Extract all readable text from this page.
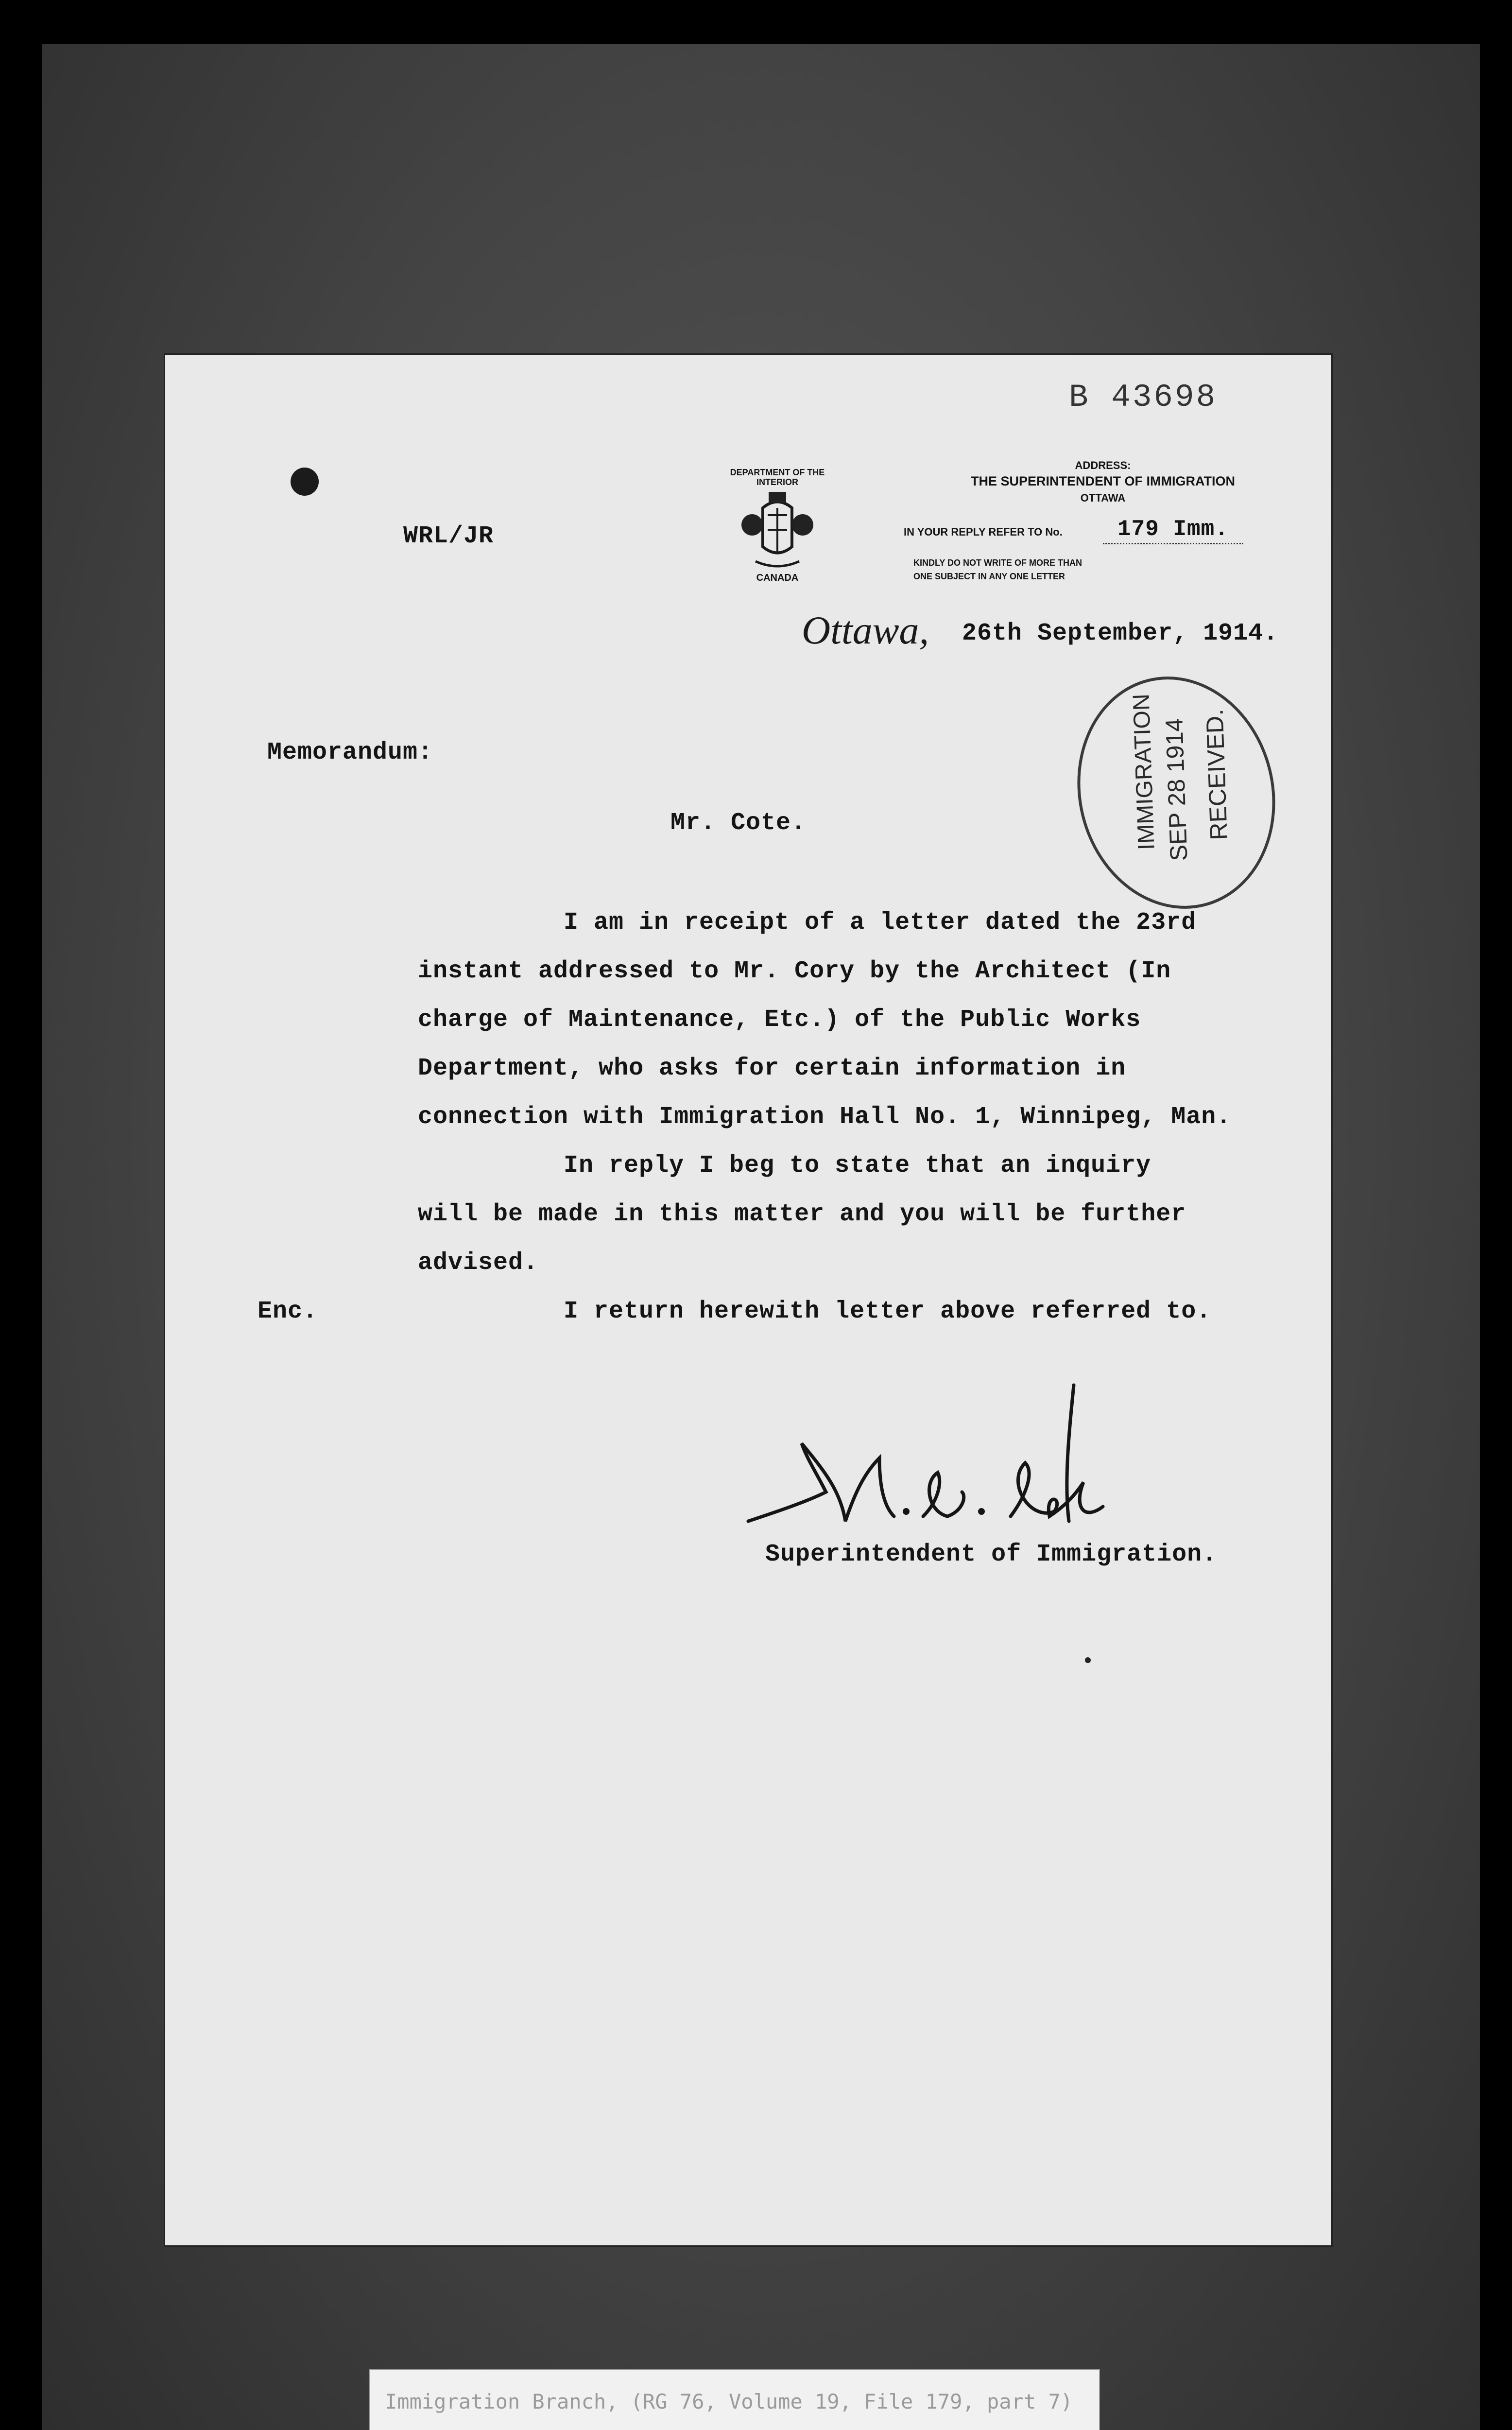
B 43698
WRL/JR
DEPARTMENT OF THE INTERIOR
CANADA
ADDRESS:
THE SUPERINTENDENT OF IMMIGRATION
OTTAWA
IN YOUR REPLY REFER TO No.	179 Imm.
KINDLY DO NOT WRITE OF MORE THAN
ONE SUBJECT IN ANY ONE LETTER
Ottawa, 26th September, 1914.
IMMIGRATION SEP 28 1914 RECEIVED.
Memorandum:
Mr. Cote.
I am in receipt of a letter dated the 23rd
instant addressed to Mr. Cory by the Architect (In
charge of Maintenance, Etc.) of the Public Works
Department, who asks for certain information in
connection with Immigration Hall No. 1, Winnipeg, Man.
In reply I beg to state that an inquiry
will be made in this matter and you will be further
advised.
Enc.	I return herewith letter above referred to.
Superintendent of Immigration.
Immigration Branch, (RG 76, Volume 19, File 179, part 7)
